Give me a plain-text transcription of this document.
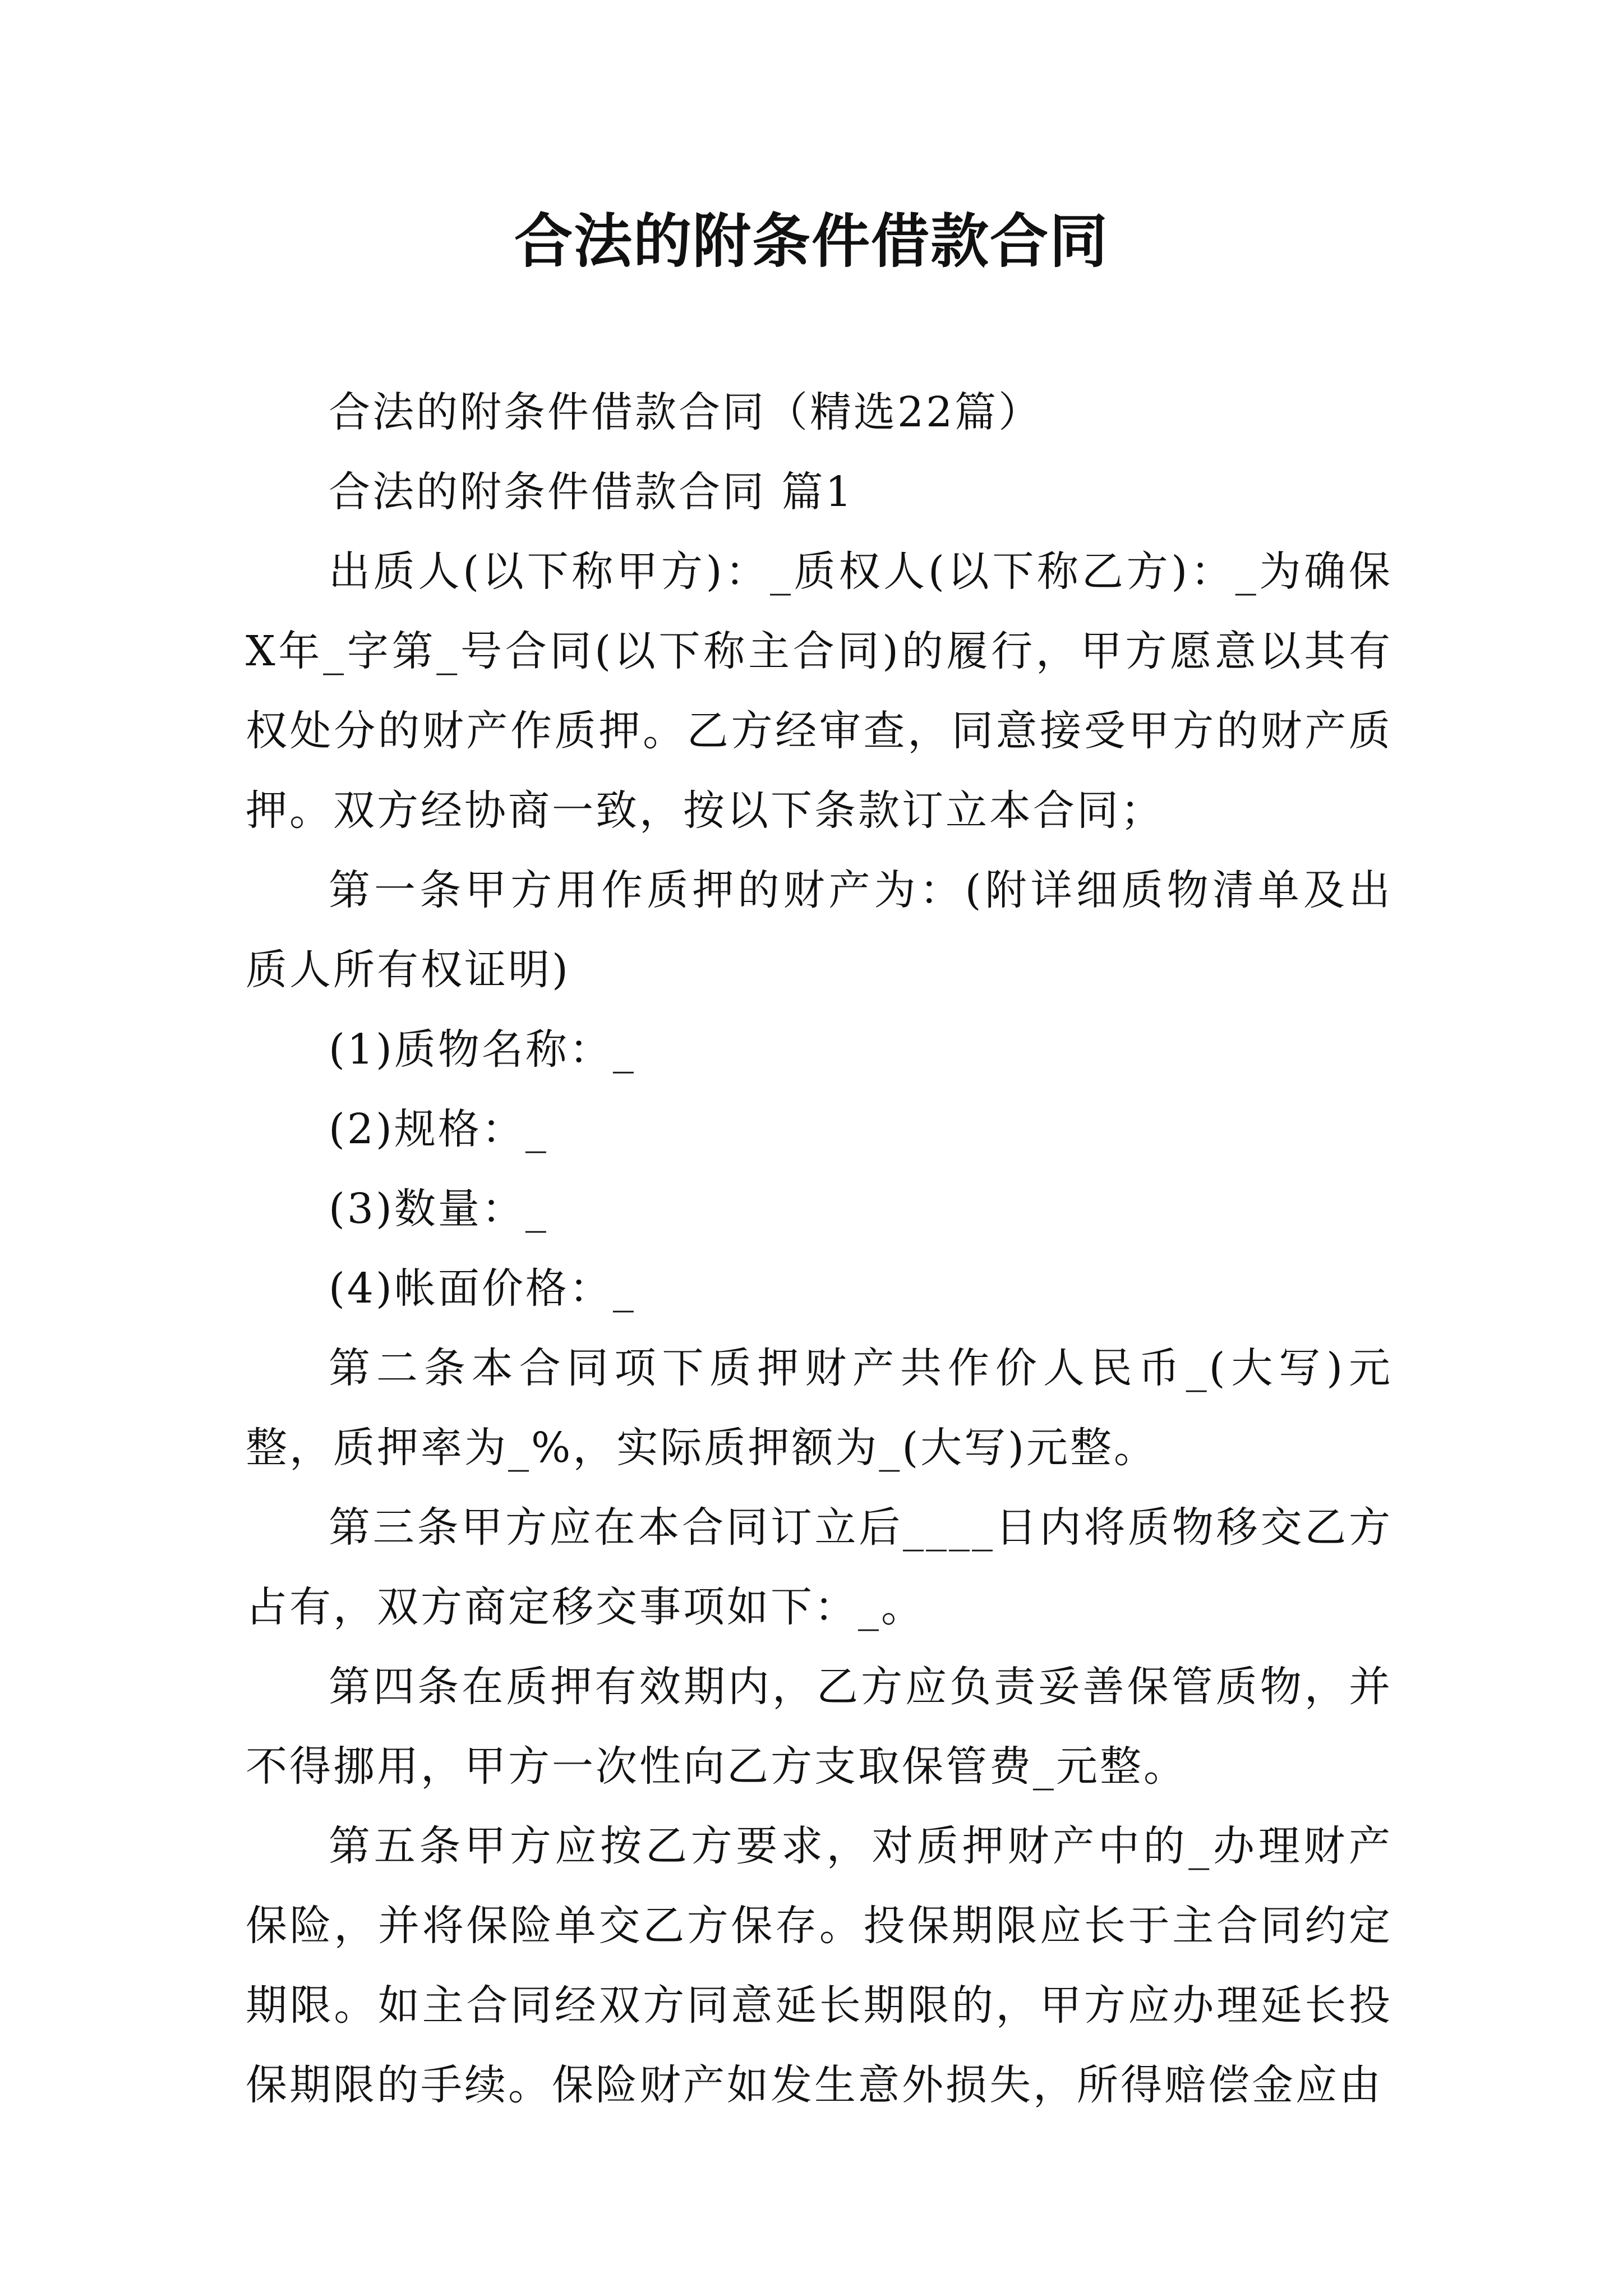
合法的附条件借款合同

合法的附条件借款合同（精选22篇）

合法的附条件借款合同 篇1

出质人(以下称甲方)：_质权人(以下称乙方)：_为确保X年_字第_号合同(以下称主合同)的履行，甲方愿意以其有权处分的财产作质押。乙方经审查，同意接受甲方的财产质押。双方经协商一致，按以下条款订立本合同；

第一条甲方用作质押的财产为：(附详细质物清单及出质人所有权证明)

(1)质物名称：_

(2)规格：_

(3)数量：_

(4)帐面价格：_

第二条本合同项下质押财产共作价人民币_(大写)元整，质押率为_%，实际质押额为_(大写)元整。

第三条甲方应在本合同订立后____日内将质物移交乙方占有，双方商定移交事项如下：_。

第四条在质押有效期内，乙方应负责妥善保管质物，并不得挪用，甲方一次性向乙方支取保管费_元整。

第五条甲方应按乙方要求，对质押财产中的_办理财产保险，并将保险单交乙方保存。投保期限应长于主合同约定期限。如主合同经双方同意延长期限的，甲方应办理延长投保期限的手续。保险财产如发生意外损失，所得赔偿金应由
